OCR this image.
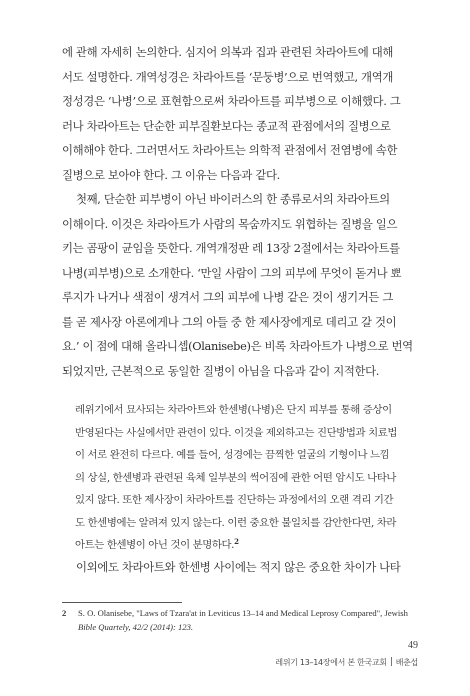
에 관해 자세히 논의한다. 심지어 의복과 집과 관련된 차라아트에 대해
서도 설명한다. 개역성경은 차라아트를 ‘문둥병’으로 번역했고, 개역개
정성경은 ‘나병’으로 표현함으로써 차라아트를 피부병으로 이해했다. 그
러나 차라아트는 단순한 피부질환보다는 종교적 관점에서의 질병으로
이해해야 한다. 그러면서도 차라아트는 의학적 관점에서 전염병에 속한
질병으로 보아야 한다. 그 이유는 다음과 같다.
첫째, 단순한 피부병이 아닌 바이러스의 한 종류로서의 차라아트의
이해이다. 이것은 차라아트가 사람의 목숨까지도 위협하는 질병을 일으
키는 곰팡이 균임을 뜻한다. 개역개정판 레 13장 2절에서는 차라아트를
나병(피부병)으로 소개한다. ‘만일 사람이 그의 피부에 무엇이 돋거나 뾰
루지가 나거나 색점이 생겨서 그의 피부에 나병 같은 것이 생기거든 그
를 곧 제사장 아론에게나 그의 아들 중 한 제사장에게로 데리고 갈 것이
요.’ 이 점에 대해 올라니셉(Olanisebe)은 비록 차라아트가 나병으로 번역
되었지만, 근본적으로 동일한 질병이 아님을 다음과 같이 지적한다.
레위기에서 묘사되는 차라아트와 한센병(나병)은 단지 피부를 통해 증상이
반영된다는 사실에서만 관련이 있다. 이것을 제외하고는 진단방법과 치료법
이 서로 완전히 다르다. 예를 들어, 성경에는 끔찍한 얼굴의 기형이나 느낌
의 상실, 한센병과 관련된 육체 일부분의 썩어짐에 관한 어떤 암시도 나타나
있지 않다. 또한 제사장이 차라아트를 진단하는 과정에서의 오랜 격리 기간
도 한센병에는 알려져 있지 않는다. 이런 중요한 불일치를 감안한다면, 차라
아트는 한센병이 아닌 것이 분명하다.$^2$
이외에도 차라아트와 한센병 사이에는 적지 않은 중요한 차이가 나타
2 S. O. Olanisebe, "Laws of Tzara'at in Leviticus 13–14 and Medical Leprosy Compared", Jewish
Bible Quartely, 42/2 (2014): 123.
49
레위기 13–14장에서 본 한국교회 배춘섭
